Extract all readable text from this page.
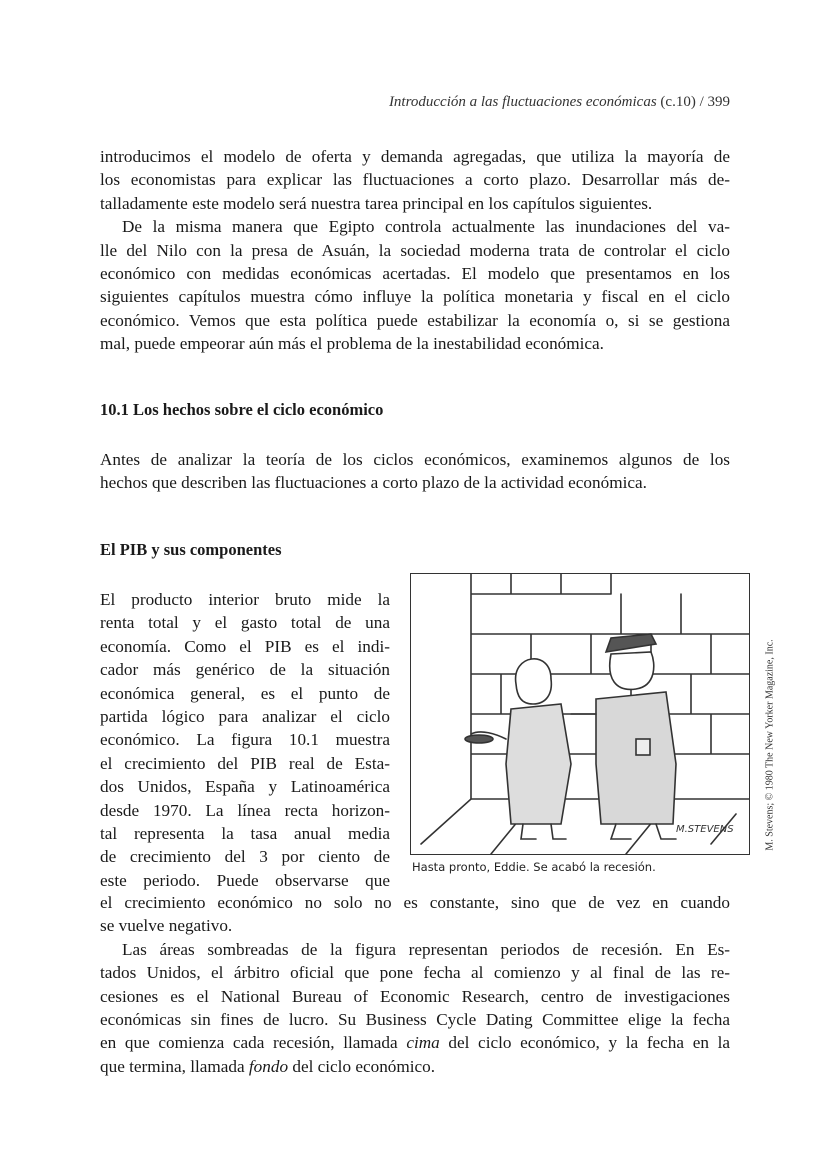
Introducción a las fluctuaciones económicas (c.10) / 399
introducimos el modelo de oferta y demanda agregadas, que utiliza la mayoría de
los economistas para explicar las fluctuaciones a corto plazo. Desarrollar más de-
talladamente este modelo será nuestra tarea principal en los capítulos siguientes.
De la misma manera que Egipto controla actualmente las inundaciones del va-
lle del Nilo con la presa de Asuán, la sociedad moderna trata de controlar el ciclo
económico con medidas económicas acertadas. El modelo que presentamos en los
siguientes capítulos muestra cómo influye la política monetaria y fiscal en el ciclo
económico. Vemos que esta política puede estabilizar la economía o, si se gestiona
mal, puede empeorar aún más el problema de la inestabilidad económica.
10.1 Los hechos sobre el ciclo económico
Antes de analizar la teoría de los ciclos económicos, examinemos algunos de los
hechos que describen las fluctuaciones a corto plazo de la actividad económica.
El PIB y sus componentes
El producto interior bruto mide la
renta total y el gasto total de una
economía. Como el PIB es el indi-
cador más genérico de la situación
económica general, es el punto de
partida lógico para analizar el ciclo
económico. La figura 10.1 muestra
el crecimiento del PIB real de Esta-
dos Unidos, España y Latinoamérica
desde 1970. La línea recta horizon-
tal representa la tasa anual media
de crecimiento del 3 por ciento de
este periodo. Puede observarse que
el crecimiento económico no solo no es constante, sino que de vez en cuando
se vuelve negativo.
Las áreas sombreadas de la figura representan periodos de recesión. En Es-
tados Unidos, el árbitro oficial que pone fecha al comienzo y al final de las re-
cesiones es el National Bureau of Economic Research, centro de investigaciones
económicas sin fines de lucro. Su Business Cycle Dating Committee elige la fecha
en que comienza cada recesión, llamada cima del ciclo económico, y la fecha en la
que termina, llamada fondo del ciclo económico.
M.STEVENS
Hasta pronto, Eddie. Se acabó la recesión.
M. Stevens; © 1980 The New Yorker Magazine, Inc.
